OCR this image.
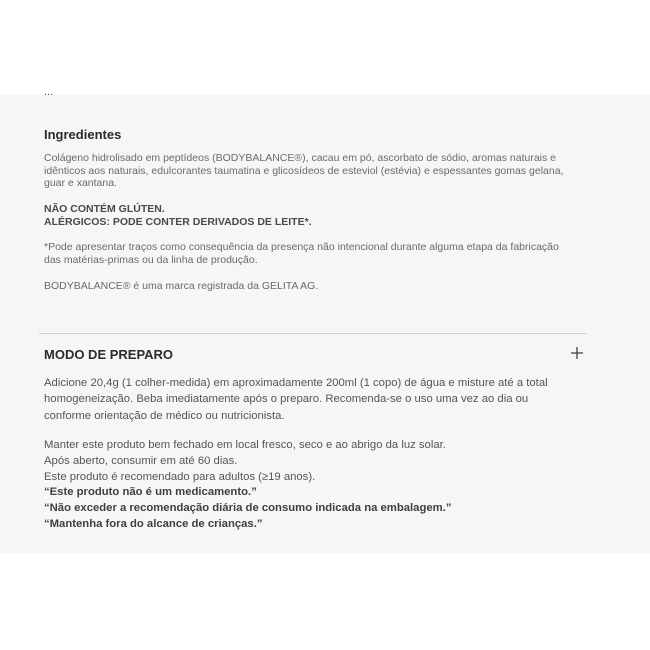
...
Ingredientes

Colágeno hidrolisado em peptídeos (BODYBALANCE®), cacau em pó, ascorbato de sódio, aromas naturais e idênticos aos naturais, edulcorantes taumatina e glicosídeos de esteviol (estévia) e espessantes gomas gelana, guar e xantana.

NÃO CONTÉM GLÚTEN.
ALÉRGICOS: PODE CONTER DERIVADOS DE LEITE*.

*Pode apresentar traços como consequência da presença não intencional durante alguma etapa da fabricação das matérias-primas ou da linha de produção.

BODYBALANCE® é uma marca registrada da GELITA AG.

MODO DE PREPARO

Adicione 20,4g (1 colher-medida) em aproximadamente 200ml (1 copo) de água e misture até a total homogeneização. Beba imediatamente após o preparo. Recomenda-se o uso uma vez ao dia ou conforme orientação de médico ou nutricionista.

Manter este produto bem fechado em local fresco, seco e ao abrigo da luz solar.
Após aberto, consumir em até 60 dias.
Este produto é recomendado para adultos (≥19 anos).
“Este produto não é um medicamento.”
“Não exceder a recomendação diária de consumo indicada na embalagem.”
“Mantenha fora do alcance de crianças.”
